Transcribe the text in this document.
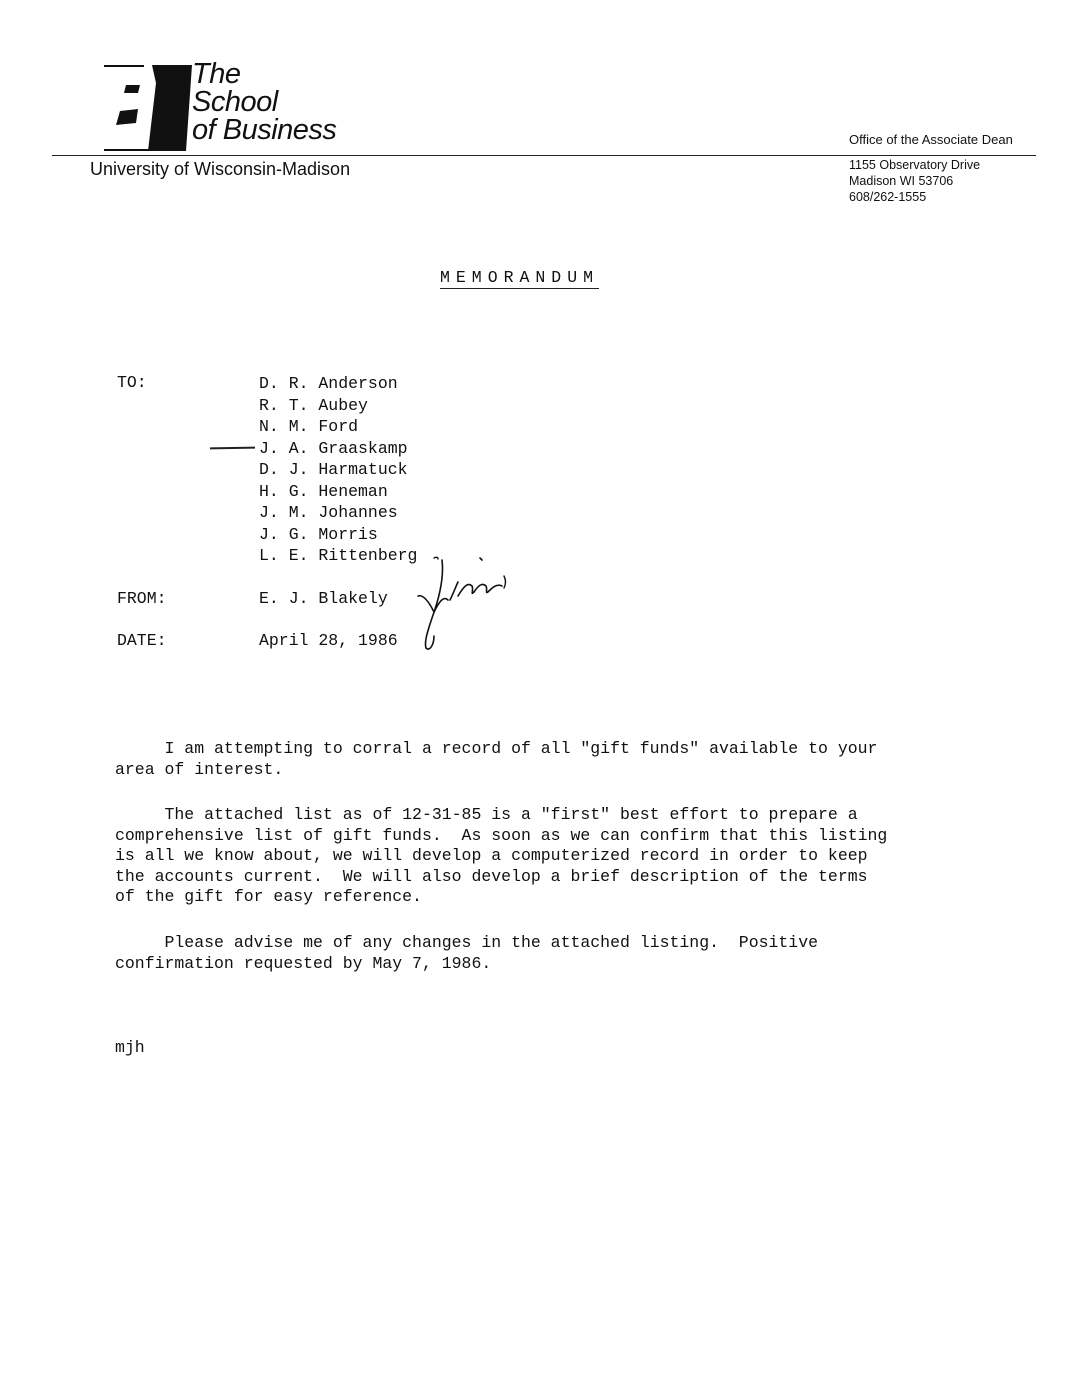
The
School
of Business
University of Wisconsin-Madison
Office of the Associate Dean
1155 Observatory Drive
Madison WI 53706
608/262-1555
MEMORANDUM
TO:	D. R. Anderson
R. T. Aubey
N. M. Ford
J. A. Graaskamp
D. J. Harmatuck
H. G. Heneman
J. M. Johannes
J. G. Morris
L. E. Rittenberg
FROM:	E. J. Blakely
DATE:	April 28, 1986
I am attempting to corral a record of all "gift funds" available to your
area of interest.
The attached list as of 12-31-85 is a "first" best effort to prepare a
comprehensive list of gift funds.  As soon as we can confirm that this listing
is all we know about, we will develop a computerized record in order to keep
the accounts current.  We will also develop a brief description of the terms
of the gift for easy reference.
Please advise me of any changes in the attached listing.  Positive
confirmation requested by May 7, 1986.
mjh
